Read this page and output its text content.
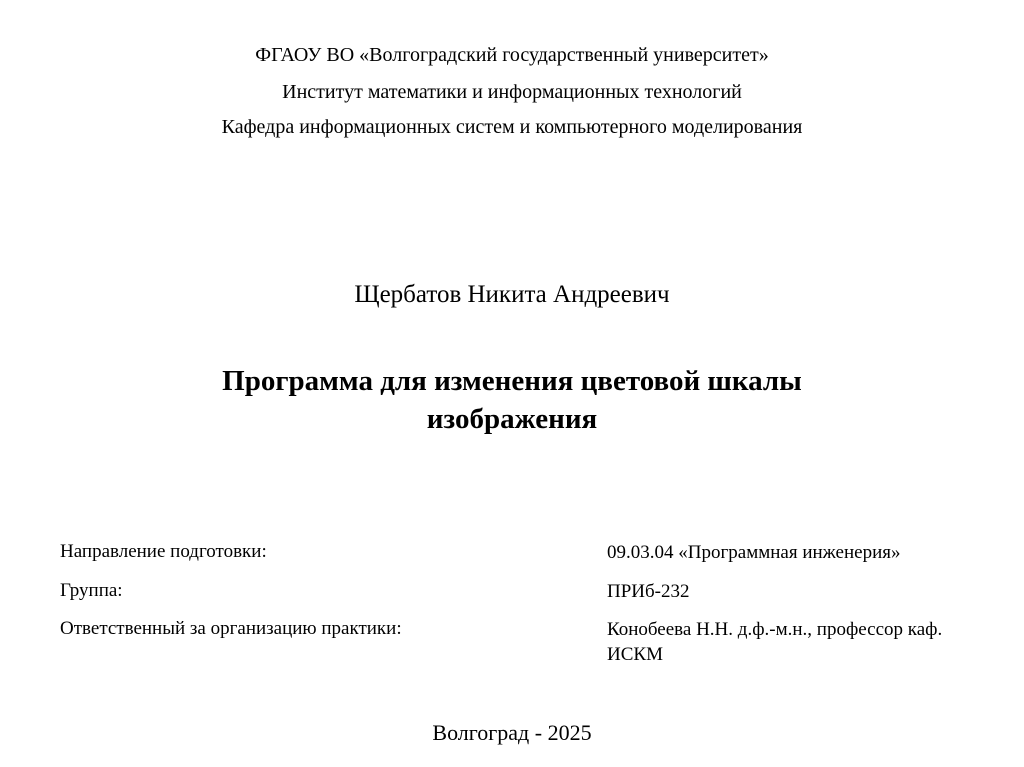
ФГАОУ ВО «Волгоградский государственный университет»
Институт математики и информационных технологий
Кафедра информационных систем и компьютерного моделирования
Щербатов Никита Андреевич
Программа для изменения цветовой шкалы
изображения
Направление подготовки:	09.03.04 «Программная инженерия»
Группа:	ПРИб-232
Ответственный за организацию практики:	Конобеева Н.Н. д.ф.-м.н., профессор каф. ИСКМ
Волгоград - 2025
